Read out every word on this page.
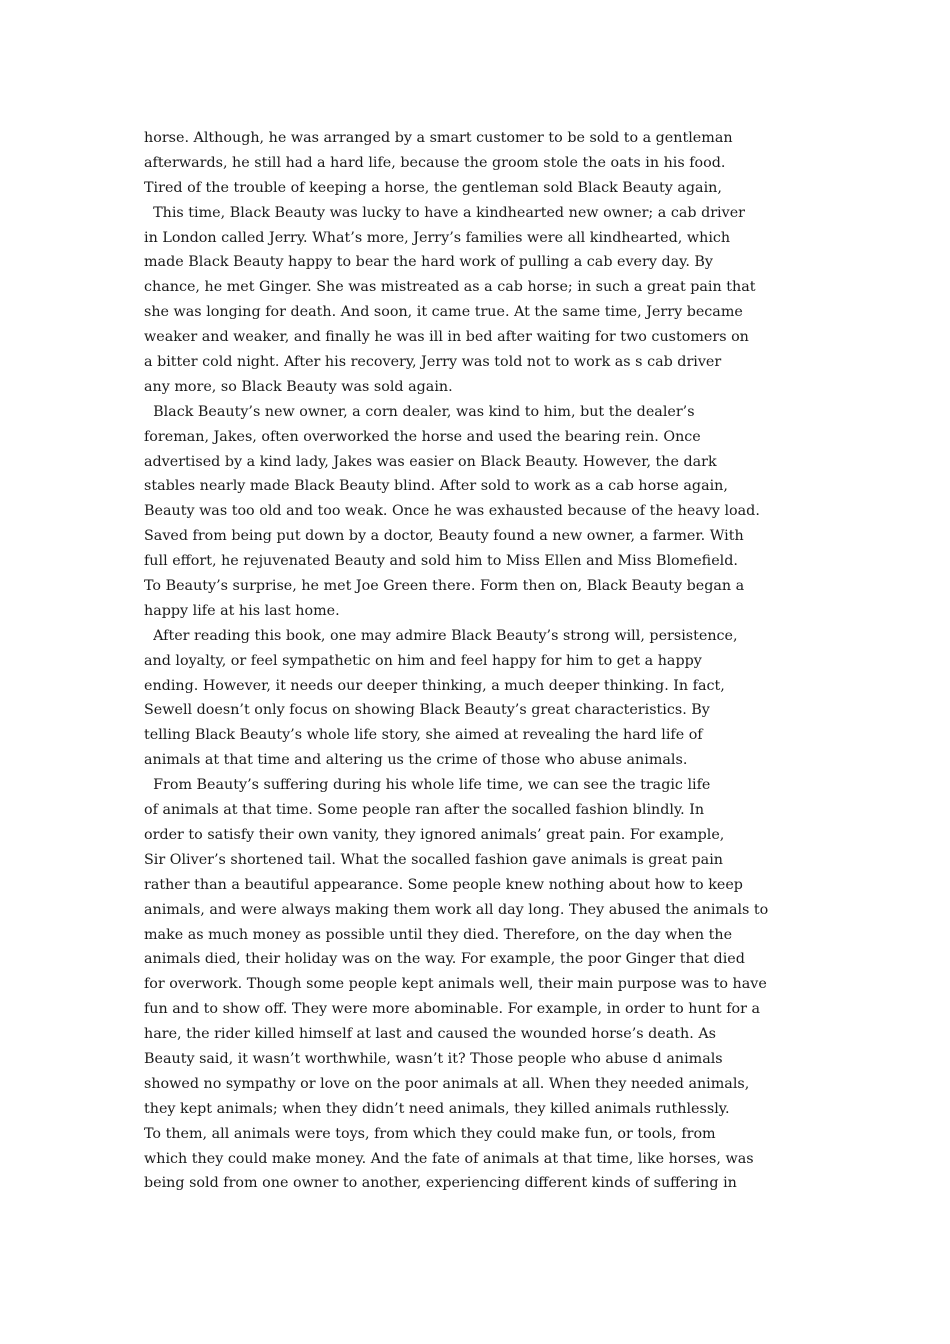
horse. Although, he was arranged by a smart customer to be sold to a gentleman
afterwards, he still had a hard life, because the groom stole the oats in his food.
Tired of the trouble of keeping a horse, the gentleman sold Black Beauty again,
This time, Black Beauty was lucky to have a kindhearted new owner; a cab driver
in London called Jerry. What’s more, Jerry’s families were all kindhearted, which
made Black Beauty happy to bear the hard work of pulling a cab every day. By
chance, he met Ginger. She was mistreated as a cab horse; in such a great pain that
she was longing for death. And soon, it came true. At the same time, Jerry became
weaker and weaker, and finally he was ill in bed after waiting for two customers on
a bitter cold night. After his recovery, Jerry was told not to work as s cab driver
any more, so Black Beauty was sold again.
Black Beauty’s new owner, a corn dealer, was kind to him, but the dealer’s
foreman, Jakes, often overworked the horse and used the bearing rein. Once
advertised by a kind lady, Jakes was easier on Black Beauty. However, the dark
stables nearly made Black Beauty blind. After sold to work as a cab horse again,
Beauty was too old and too weak. Once he was exhausted because of the heavy load.
Saved from being put down by a doctor, Beauty found a new owner, a farmer. With
full effort, he rejuvenated Beauty and sold him to Miss Ellen and Miss Blomefield.
To Beauty’s surprise, he met Joe Green there. Form then on, Black Beauty began a
happy life at his last home.
After reading this book, one may admire Black Beauty’s strong will, persistence,
and loyalty, or feel sympathetic on him and feel happy for him to get a happy
ending. However, it needs our deeper thinking, a much deeper thinking. In fact,
Sewell doesn’t only focus on showing Black Beauty’s great characteristics. By
telling Black Beauty’s whole life story, she aimed at revealing the hard life of
animals at that time and altering us the crime of those who abuse animals.
From Beauty’s suffering during his whole life time, we can see the tragic life
of animals at that time. Some people ran after the socalled fashion blindly. In
order to satisfy their own vanity, they ignored animals’ great pain. For example,
Sir Oliver’s shortened tail. What the socalled fashion gave animals is great pain
rather than a beautiful appearance. Some people knew nothing about how to keep
animals, and were always making them work all day long. They abused the animals to
make as much money as possible until they died. Therefore, on the day when the
animals died, their holiday was on the way. For example, the poor Ginger that died
for overwork. Though some people kept animals well, their main purpose was to have
fun and to show off. They were more abominable. For example, in order to hunt for a
hare, the rider killed himself at last and caused the wounded horse’s death. As
Beauty said, it wasn’t worthwhile, wasn’t it? Those people who abuse d animals
showed no sympathy or love on the poor animals at all. When they needed animals,
they kept animals; when they didn’t need animals, they killed animals ruthlessly.
To them, all animals were toys, from which they could make fun, or tools, from
which they could make money. And the fate of animals at that time, like horses, was
being sold from one owner to another, experiencing different kinds of suffering in
